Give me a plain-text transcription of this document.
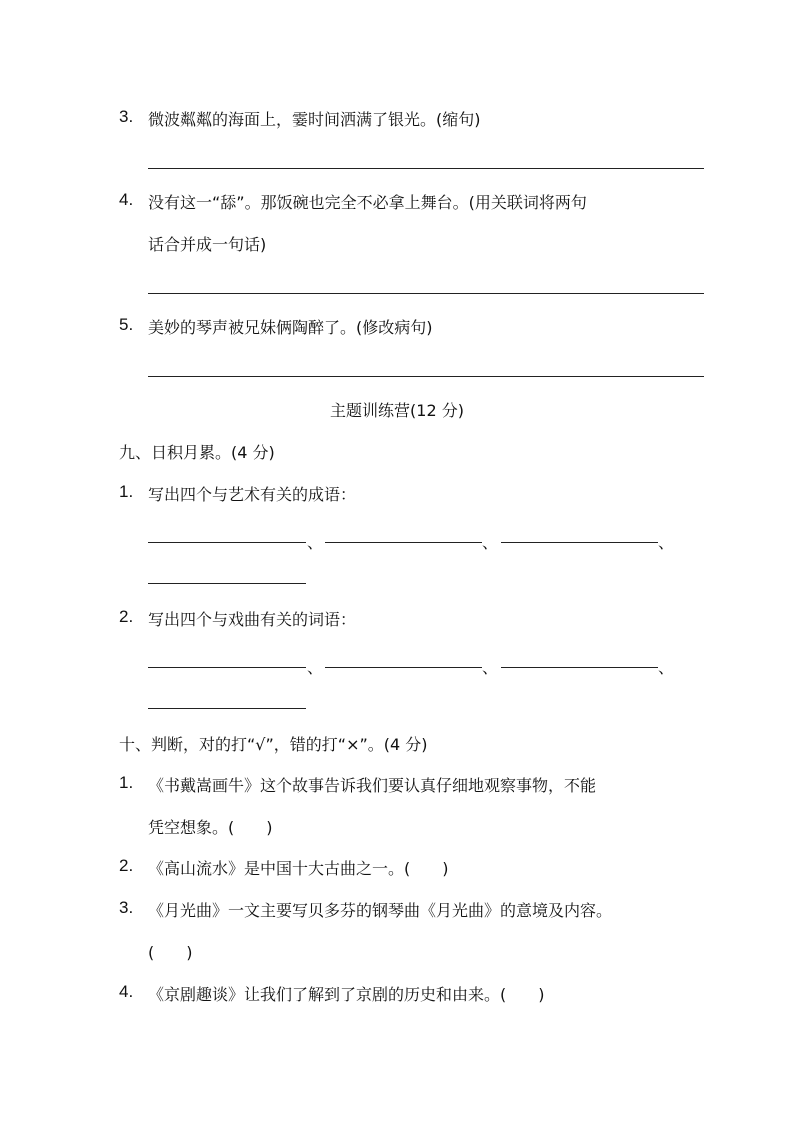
3. 微波粼粼的海面上，霎时间洒满了银光。(缩句)
4. 没有这一“舔”。那饭碗也完全不必拿上舞台。(用关联词将两句
话合并成一句话)
5. 美妙的琴声被兄妹俩陶醉了。(修改病句)
主题训练营(12 分)
九、日积月累。(4 分)
1. 写出四个与艺术有关的成语：
、	、	、
2. 写出四个与戏曲有关的词语：
、	、	、
十、判断，对的打“√”，错的打“×”。(4 分)
1. 《书戴嵩画牛》这个故事告诉我们要认真仔细地观察事物，不能
凭空想象。(　　)
2. 《高山流水》是中国十大古曲之一。(　　)
3. 《月光曲》一文主要写贝多芬的钢琴曲《月光曲》的意境及内容。
(　　)
4. 《京剧趣谈》让我们了解到了京剧的历史和由来。(　　)
